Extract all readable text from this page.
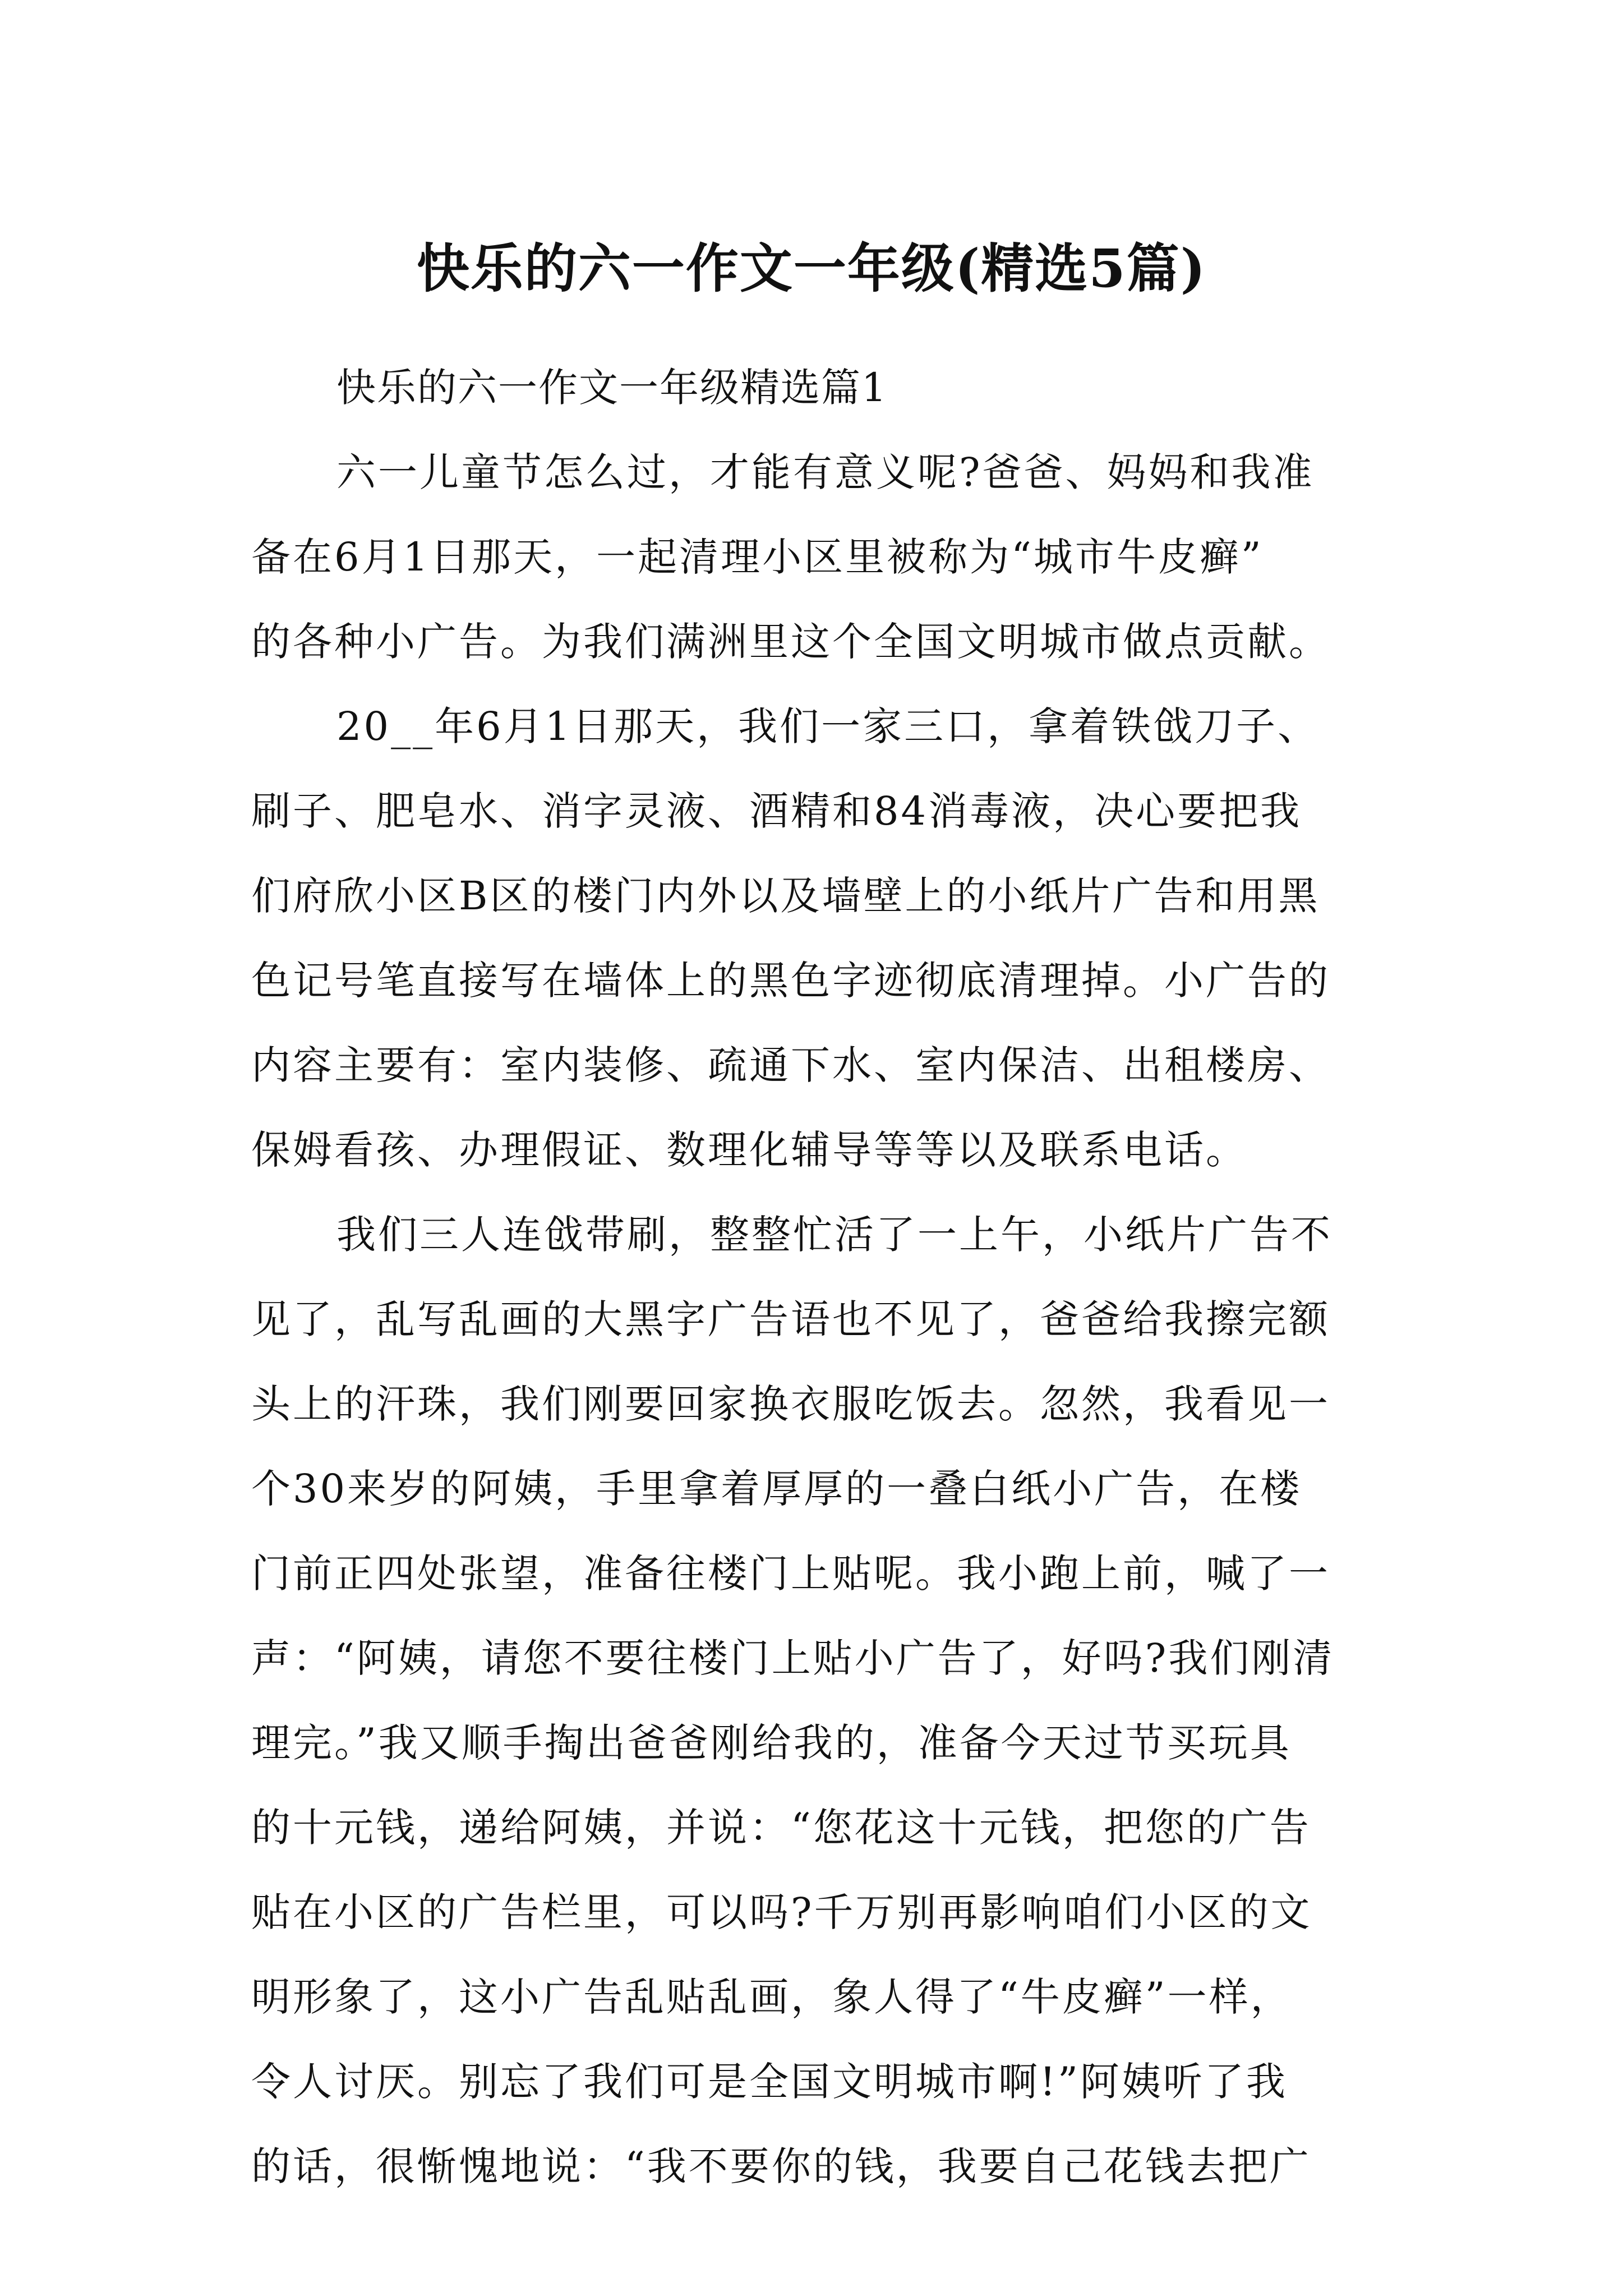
快乐的六一作文一年级(精选5篇)
快乐的六一作文一年级精选篇1
六一儿童节怎么过，才能有意义呢?爸爸、妈妈和我准
备在6月1日那天，一起清理小区里被称为“城市牛皮癣”
的各种小广告。为我们满洲里这个全国文明城市做点贡献。
20__年6月1日那天，我们一家三口，拿着铁戗刀子、
刷子、肥皂水、消字灵液、酒精和84消毒液，决心要把我
们府欣小区B区的楼门内外以及墙壁上的小纸片广告和用黑
色记号笔直接写在墙体上的黑色字迹彻底清理掉。小广告的
内容主要有：室内装修、疏通下水、室内保洁、出租楼房、
保姆看孩、办理假证、数理化辅导等等以及联系电话。
我们三人连戗带刷，整整忙活了一上午，小纸片广告不
见了，乱写乱画的大黑字广告语也不见了，爸爸给我擦完额
头上的汗珠，我们刚要回家换衣服吃饭去。忽然，我看见一
个30来岁的阿姨，手里拿着厚厚的一叠白纸小广告，在楼
门前正四处张望，准备往楼门上贴呢。我小跑上前，喊了一
声：“阿姨，请您不要往楼门上贴小广告了，好吗?我们刚清
理完。”我又顺手掏出爸爸刚给我的，准备今天过节买玩具
的十元钱，递给阿姨，并说：“您花这十元钱，把您的广告
贴在小区的广告栏里，可以吗?千万别再影响咱们小区的文
明形象了，这小广告乱贴乱画，象人得了“牛皮癣”一样，
令人讨厌。别忘了我们可是全国文明城市啊!”阿姨听了我
的话，很惭愧地说：“我不要你的钱，我要自己花钱去把广
